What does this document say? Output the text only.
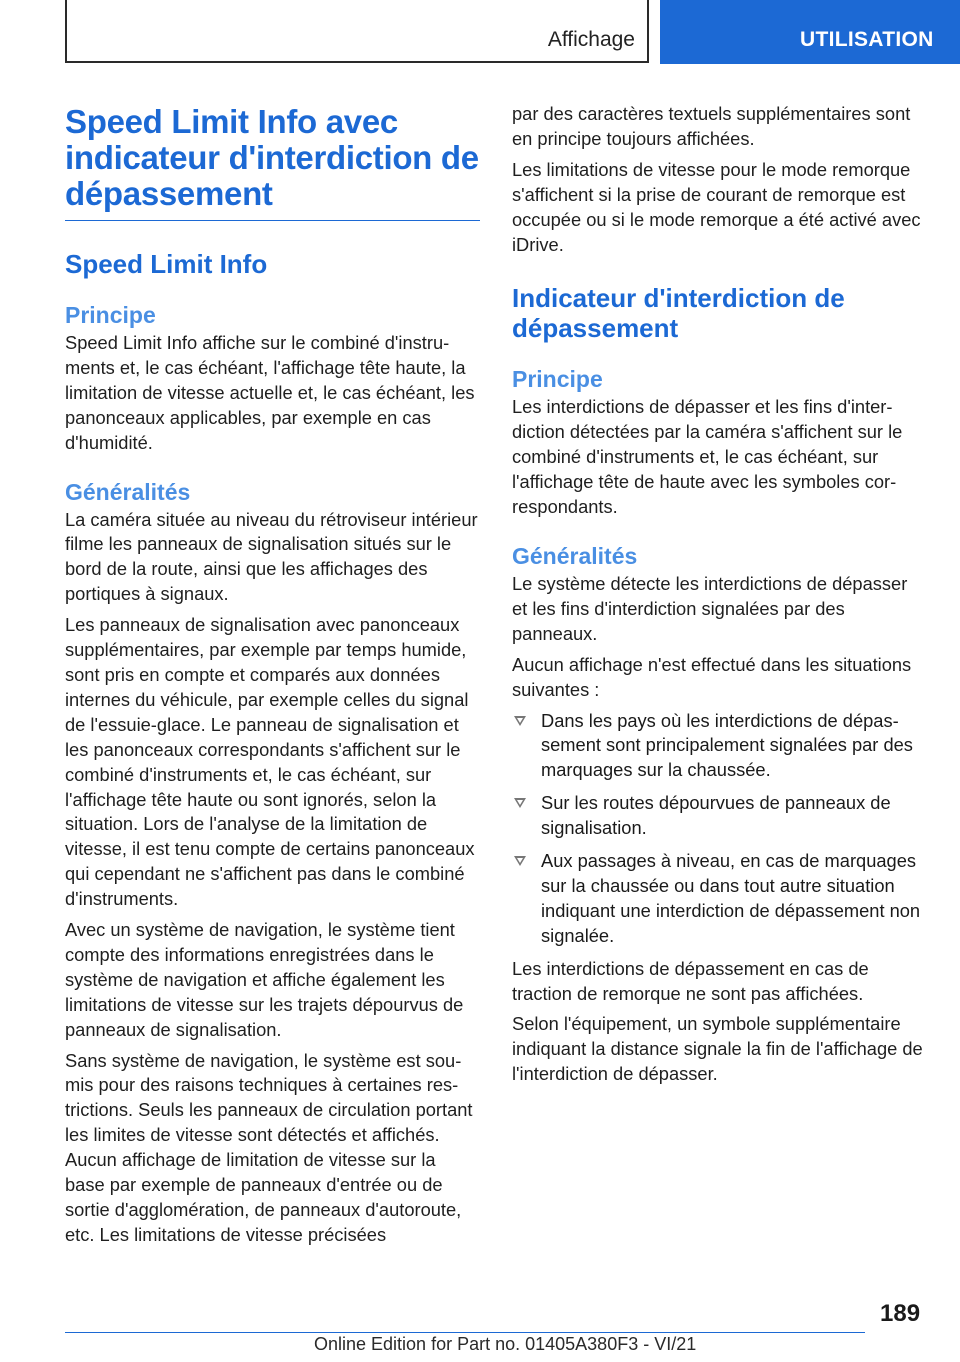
Affichage	UTILISATION
Speed Limit Info avec indicateur d'interdiction de dépassement
Speed Limit Info
Principe

Speed Limit Info affiche sur le combiné d'instruments et, le cas échéant, l'affichage tête haute, la limitation de vitesse actuelle et, le cas échéant, les panonceaux applicables, par exemple en cas d'humidité.

Généralités

La caméra située au niveau du rétroviseur intérieur filme les panneaux de signalisation situés sur le bord de la route, ainsi que les affichages des portiques à signaux.

Les panneaux de signalisation avec panonceaux supplémentaires, par exemple par temps humide, sont pris en compte et comparés aux données internes du véhicule, par exemple celles du signal de l'essuie-glace. Le panneau de signalisation et les panonceaux correspondants s'affichent sur le combiné d'instruments et, le cas échéant, sur l'affichage tête haute ou sont ignorés, selon la situation. Lors de l'analyse de la limitation de vitesse, il est tenu compte de certains panonceaux qui cependant ne s'affichent pas dans le combiné d'instruments.

Avec un système de navigation, le système tient compte des informations enregistrées dans le système de navigation et affiche également les limitations de vitesse sur les trajets dépourvus de panneaux de signalisation.

Sans système de navigation, le système est soumis pour des raisons techniques à certaines restrictions. Seuls les panneaux de circulation portant les limites de vitesse sont détectés et affichés. Aucun affichage de limitation de vitesse sur la base par exemple de panneaux d'entrée ou de sortie d'agglomération, de panneaux d'autoroute, etc. Les limitations de vitesse précisées

par des caractères textuels supplémentaires sont en principe toujours affichées.

Les limitations de vitesse pour le mode remorque s'affichent si la prise de courant de remorque est occupée ou si le mode remorque a été activé avec iDrive.

Indicateur d'interdiction de dépassement
Principe

Les interdictions de dépasser et les fins d'interdiction détectées par la caméra s'affichent sur le combiné d'instruments et, le cas échéant, sur l'affichage tête de haute avec les symboles correspondants.

Généralités

Le système détecte les interdictions de dépasser et les fins d'interdiction signalées par des panneaux.

Aucun affichage n'est effectué dans les situations suivantes :

Dans les pays où les interdictions de dépassement sont principalement signalées par des marquages sur la chaussée.
Sur les routes dépourvues de panneaux de signalisation.
Aux passages à niveau, en cas de marquages sur la chaussée ou dans tout autre situation indiquant une interdiction de dépassement non signalée.

Les interdictions de dépassement en cas de traction de remorque ne sont pas affichées.

Selon l'équipement, un symbole supplémentaire indiquant la distance signale la fin de l'affichage de l'interdiction de dépasser.

189
Online Edition for Part no. 01405A380F3 - VI/21
